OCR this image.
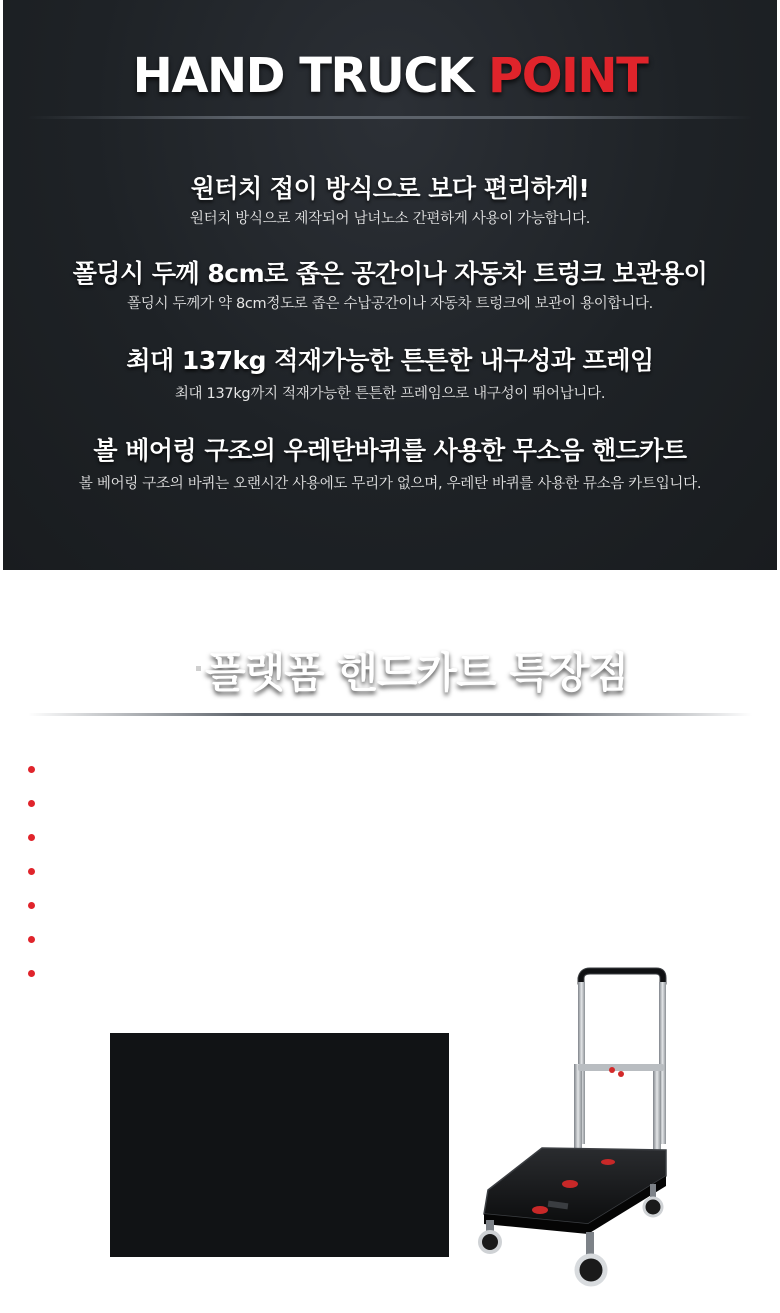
HAND TRUCK POINT
원터치 접이 방식으로 보다 편리하게!
원터치 방식으로 제작되어 남녀노소 간편하게 사용이 가능합니다.
폴딩시 두께 8cm로 좁은 공간이나 자동차 트렁크 보관용이
폴딩시 두께가 약 8cm정도로 좁은 수납공간이나 자동차 트렁크에 보관이 용이합니다.
최대 137kg 적재가능한 튼튼한 내구성과 프레임
최대 137kg까지 적재가능한 튼튼한 프레임으로 내구성이 뛰어납니다.
볼 베어링 구조의 우레탄바퀴를 사용한 무소음 핸드카트
볼 베어링 구조의 바퀴는 오랜시간 사용에도 무리가 없으며, 우레탄 바퀴를 사용한 뮤소음 카트입니다.
플랫폼 핸드카트 특장점
안전, 건강, 환경 및 소비자보호와 관련해 EU 이사회 지침의 요구사항을 모두 만족한 믿을 수 있는 제품
남녀노소 사용이 가능한 원터치 방식의 핸드카트로 캠핑 및 야외활동에 매우 용이
폴딩시 약 8cm의 두께로 좁고 협소한 공간 및 트렁크에 적재하여 보관 및 이동하기에 편리함
베어링 구조의 우레탄 바퀴는 소음이 없으며, 쉽게 마모되지 않아 내구성이 뛰어남
적재함의 특유의 무늬와 미끄럼 방지 패킹장착은 적재물의 낙하를 방지하여 파손을 막아줌
최대 137kg의 중량까지 적재가 가능한 뛰어난 내구성의 적재함은 장기간 사용에도 변형이 적음
뛰어난 마감처리로 매끄러운 조작이 가능하며 오작동이 적음
